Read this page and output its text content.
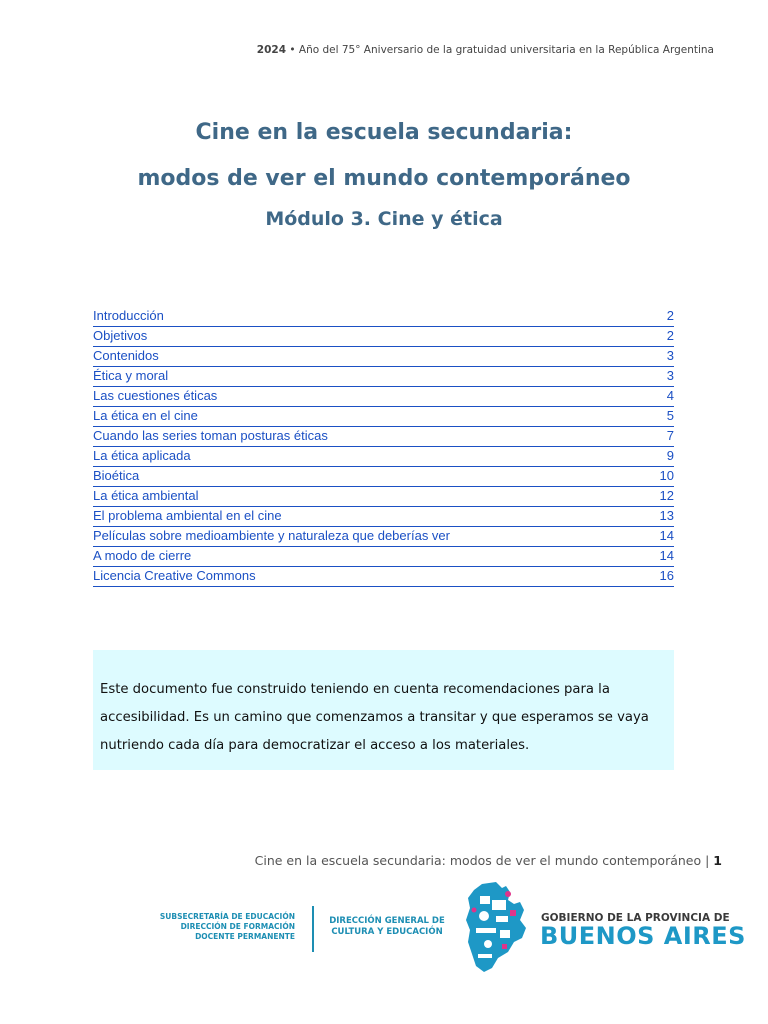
2024 • Año del 75° Aniversario de la gratuidad universitaria en la República Argentina
Cine en la escuela secundaria:
modos de ver el mundo contemporáneo
Módulo 3. Cine y ética
Introducción	2
Objetivos	2
Contenidos	3
Ética y moral	3
Las cuestiones éticas	4
La ética en el cine	5
Cuando las series toman posturas éticas	7
La ética aplicada	9
Bioética	10
La ética ambiental	12
El problema ambiental en el cine	13
Películas sobre medioambiente y naturaleza que deberías ver	14
A modo de cierre	14
Licencia Creative Commons	16
Este documento fue construido teniendo en cuenta recomendaciones para la accesibilidad. Es un camino que comenzamos a transitar y que esperamos se vaya nutriendo cada día para democratizar el acceso a los materiales.
Cine en la escuela secundaria: modos de ver el mundo contemporáneo | 1
SUBSECRETARÍA DE EDUCACIÓN
DIRECCIÓN DE FORMACIÓN
DOCENTE PERMANENTE
DIRECCIÓN GENERAL DE
CULTURA Y EDUCACIÓN
GOBIERNO DE LA PROVINCIA DE
BUENOS AIRES
